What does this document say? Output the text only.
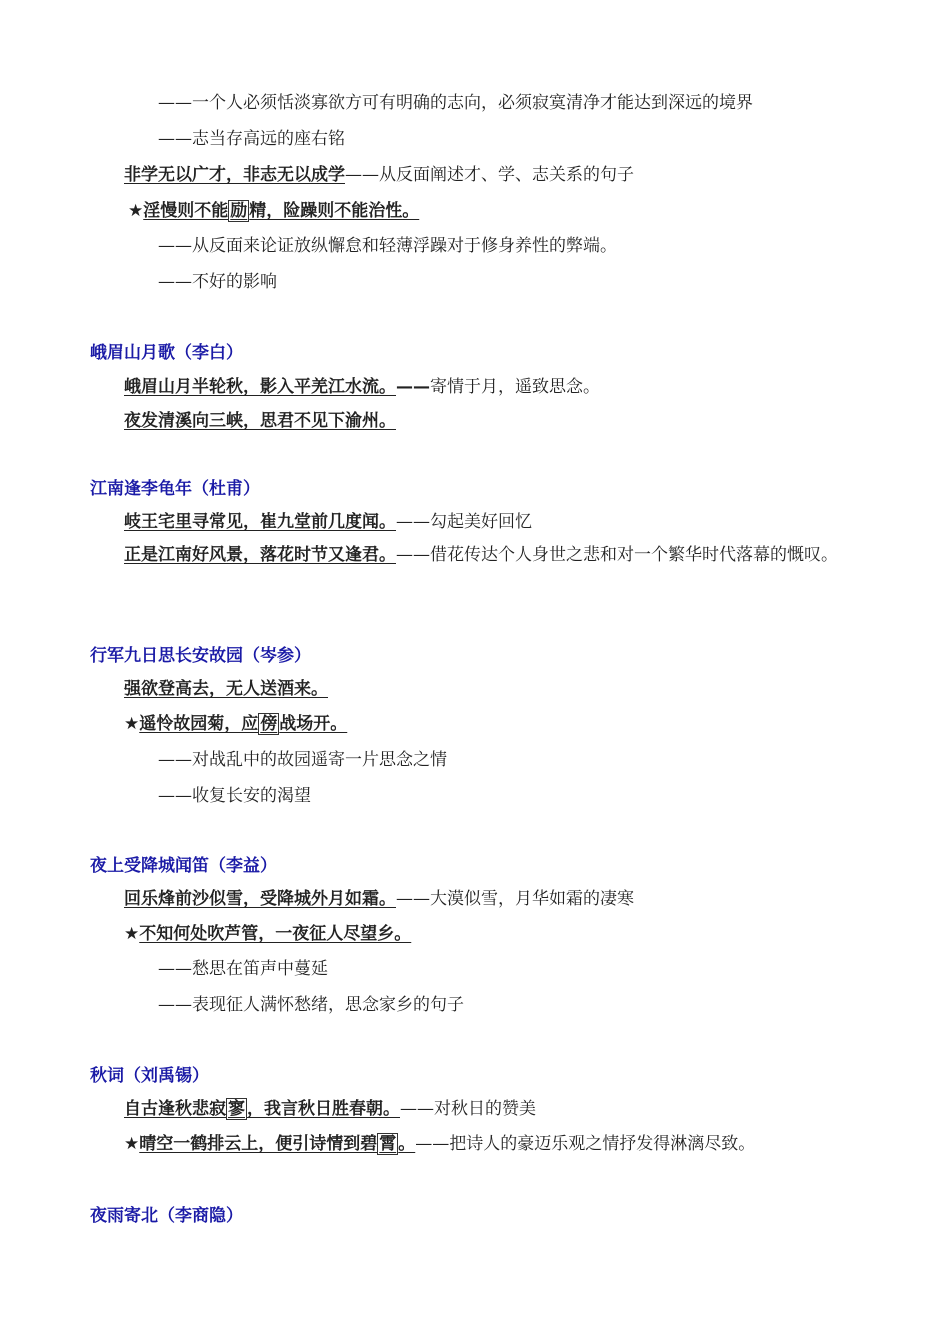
——一个人必须恬淡寡欲方可有明确的志向，必须寂寞清净才能达到深远的境界
——志当存高远的座右铭
非学无以广才，非志无以成学——从反面阐述才、学、志关系的句子
★淫慢则不能 励 精，险躁则不能治性。
——从反面来论证放纵懈怠和轻薄浮躁对于修身养性的弊端。
——不好的影响
峨眉山月歌（李白）
峨眉山月半轮秋，影入平羌江水流。——寄情于月，遥致思念。
夜发清溪向三峡，思君不见下渝州。
江南逢李龟年（杜甫）
岐王宅里寻常见，崔九堂前几度闻。——勾起美好回忆
正是江南好风景，落花时节又逢君。——借花传达个人身世之悲和对一个繁华时代落幕的慨叹。
行军九日思长安故园（岑参）
强欲登高去，无人送酒来。
★遥怜故园菊，应 傍 战场开。
——对战乱中的故园遥寄一片思念之情
——收复长安的渴望
夜上受降城闻笛（李益）
回乐烽前沙似雪，受降城外月如霜。——大漠似雪，月华如霜的凄寒
★不知何处吹芦管，一夜征人尽望乡。
——愁思在笛声中蔓延
——表现征人满怀愁绪，思念家乡的句子
秋词（刘禹锡）
自古逢秋悲寂 寥 ，我言秋日胜春朝。——对秋日的赞美
★晴空一鹤排云上，便引诗情到碧 霄 。——把诗人的豪迈乐观之情抒发得淋漓尽致。
夜雨寄北（李商隐）
